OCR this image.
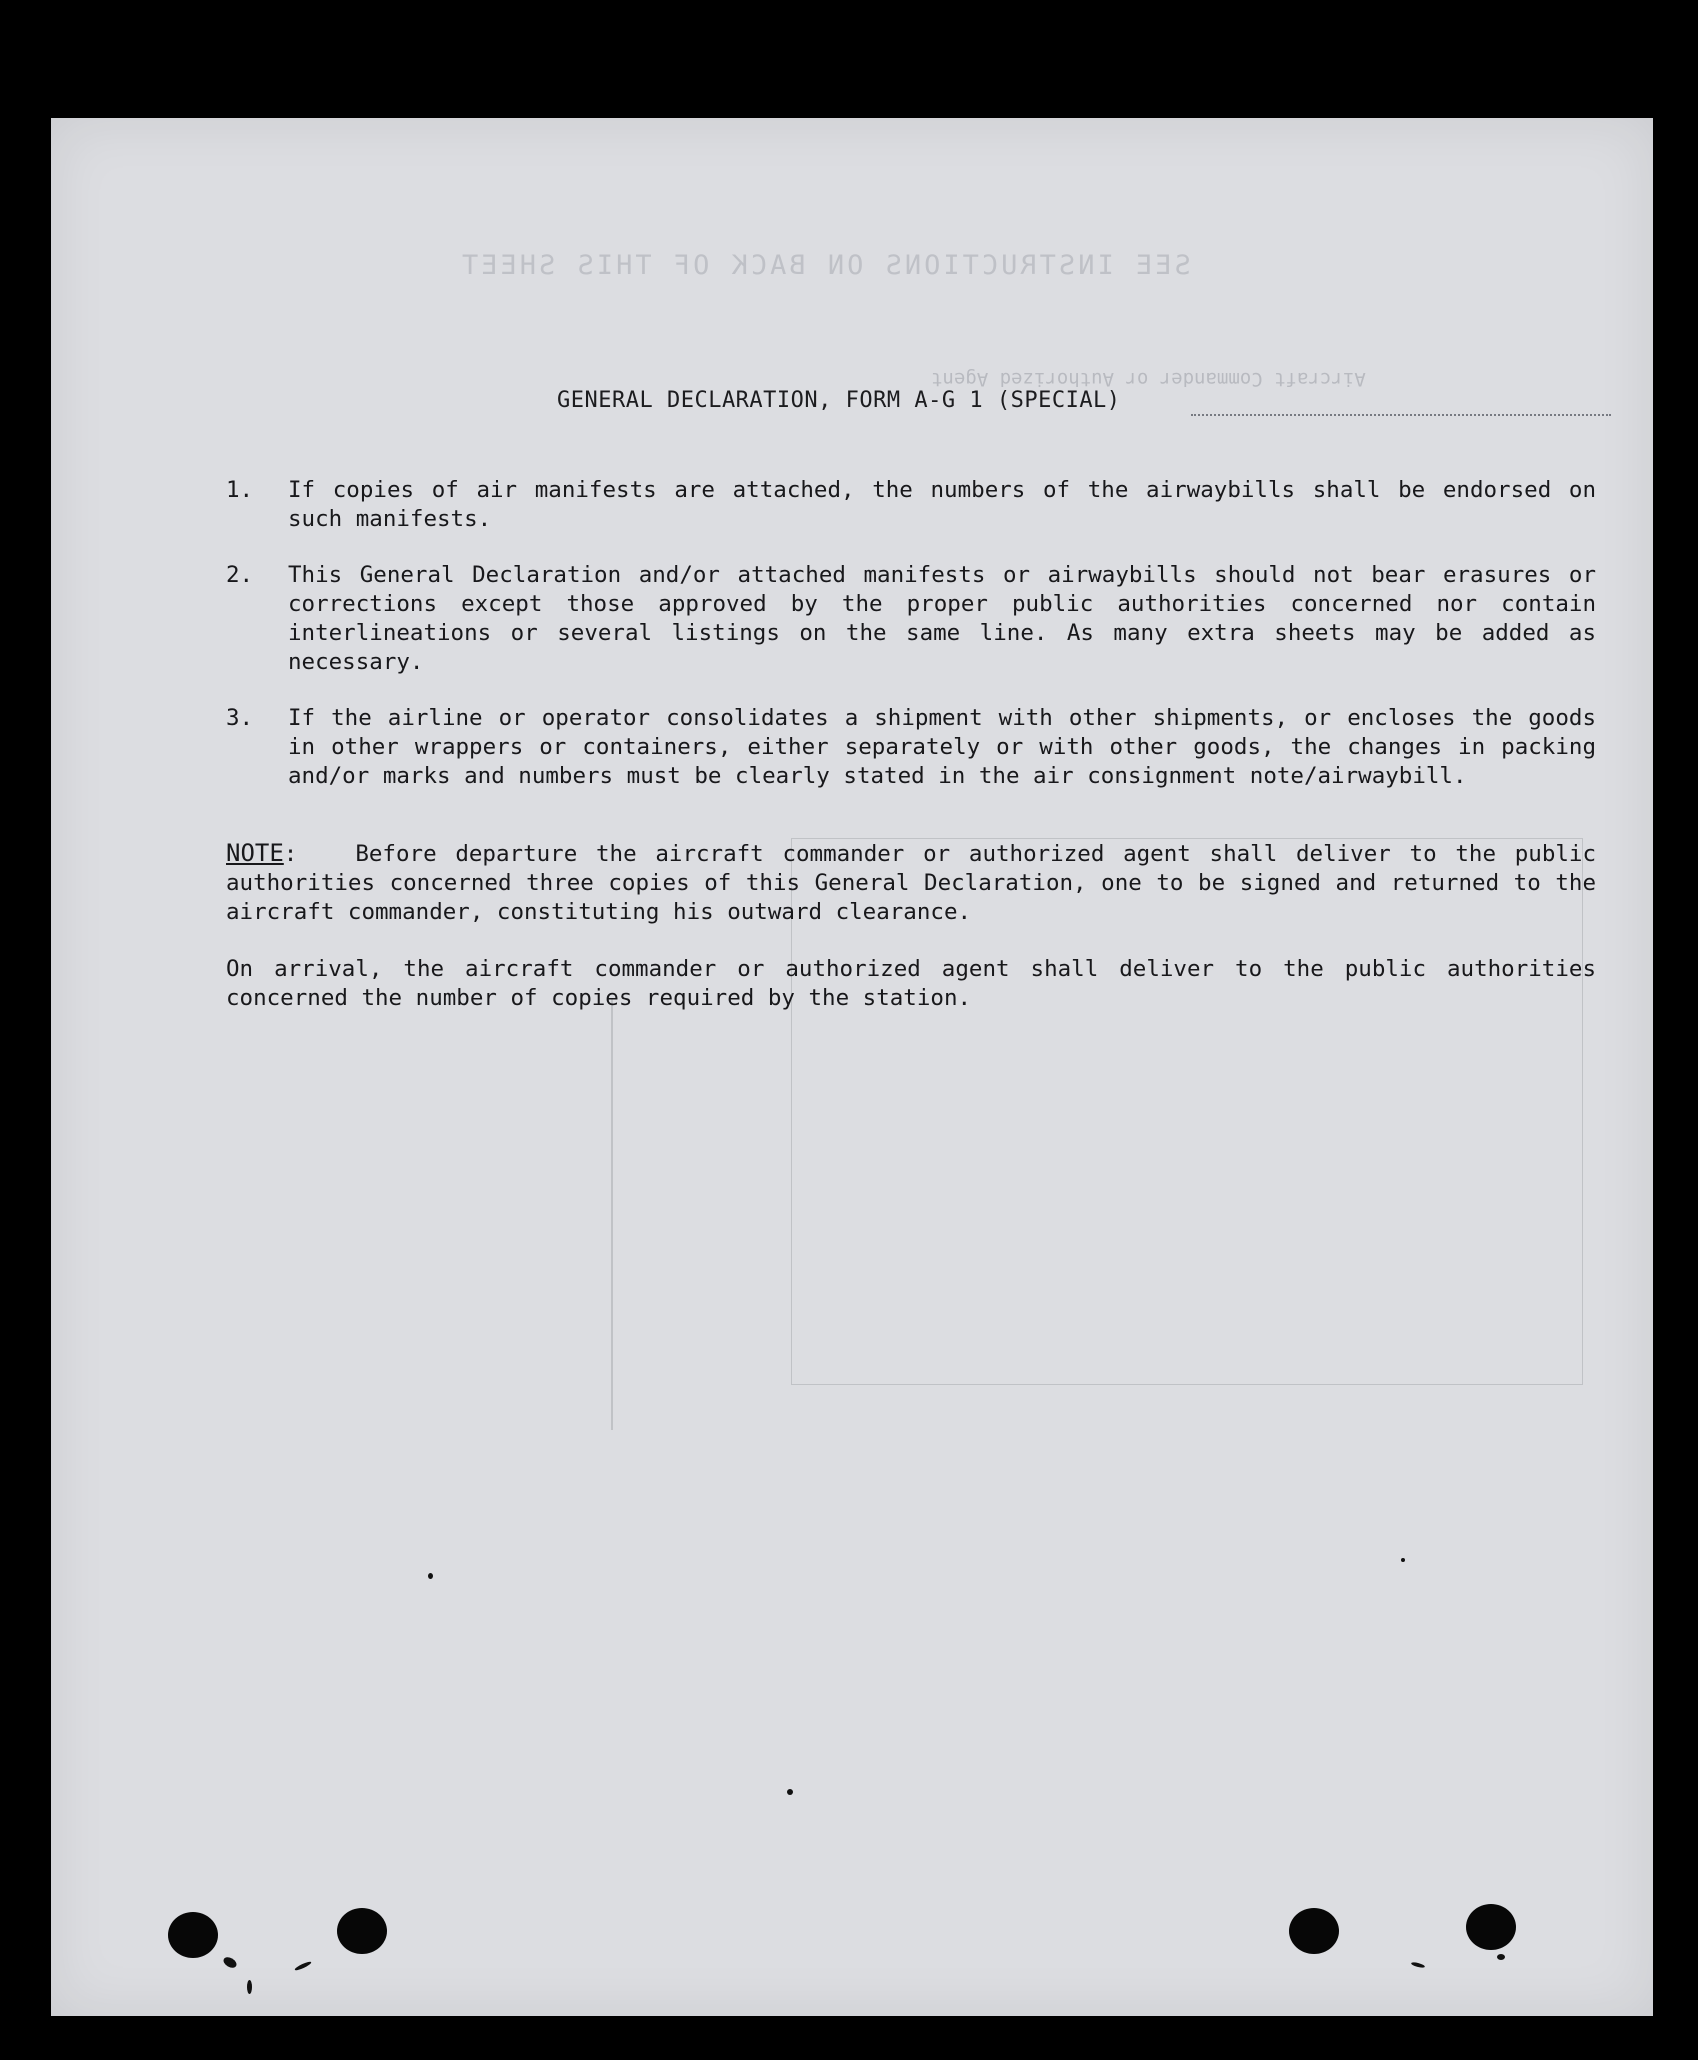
SEE INSTRUCTIONS ON BACK OF THIS SHEET
Aircraft Commander or Authorized Agent
GENERAL DECLARATION, FORM A-G 1 (SPECIAL)
1.	If copies of air manifests are attached, the numbers of the airwaybills shall be endorsed on such manifests.
2.	This General Declaration and/or attached manifests or airwaybills should not bear erasures or corrections except those approved by the proper public authorities concerned nor contain interlineations or several listings on the same line. As many extra sheets may be added as necessary.
3.	If the airline or operator consolidates a shipment with other shipments, or encloses the goods in other wrappers or containers, either separately or with other goods, the changes in packing and/or marks and numbers must be clearly stated in the air consignment note/airwaybill.
NOTE:	Before departure the aircraft commander or authorized agent shall deliver to the public authorities concerned three copies of this General Declaration, one to be signed and returned to the aircraft commander, constituting his outward clearance.
On arrival, the aircraft commander or authorized agent shall deliver to the public authorities concerned the number of copies required by the station.
